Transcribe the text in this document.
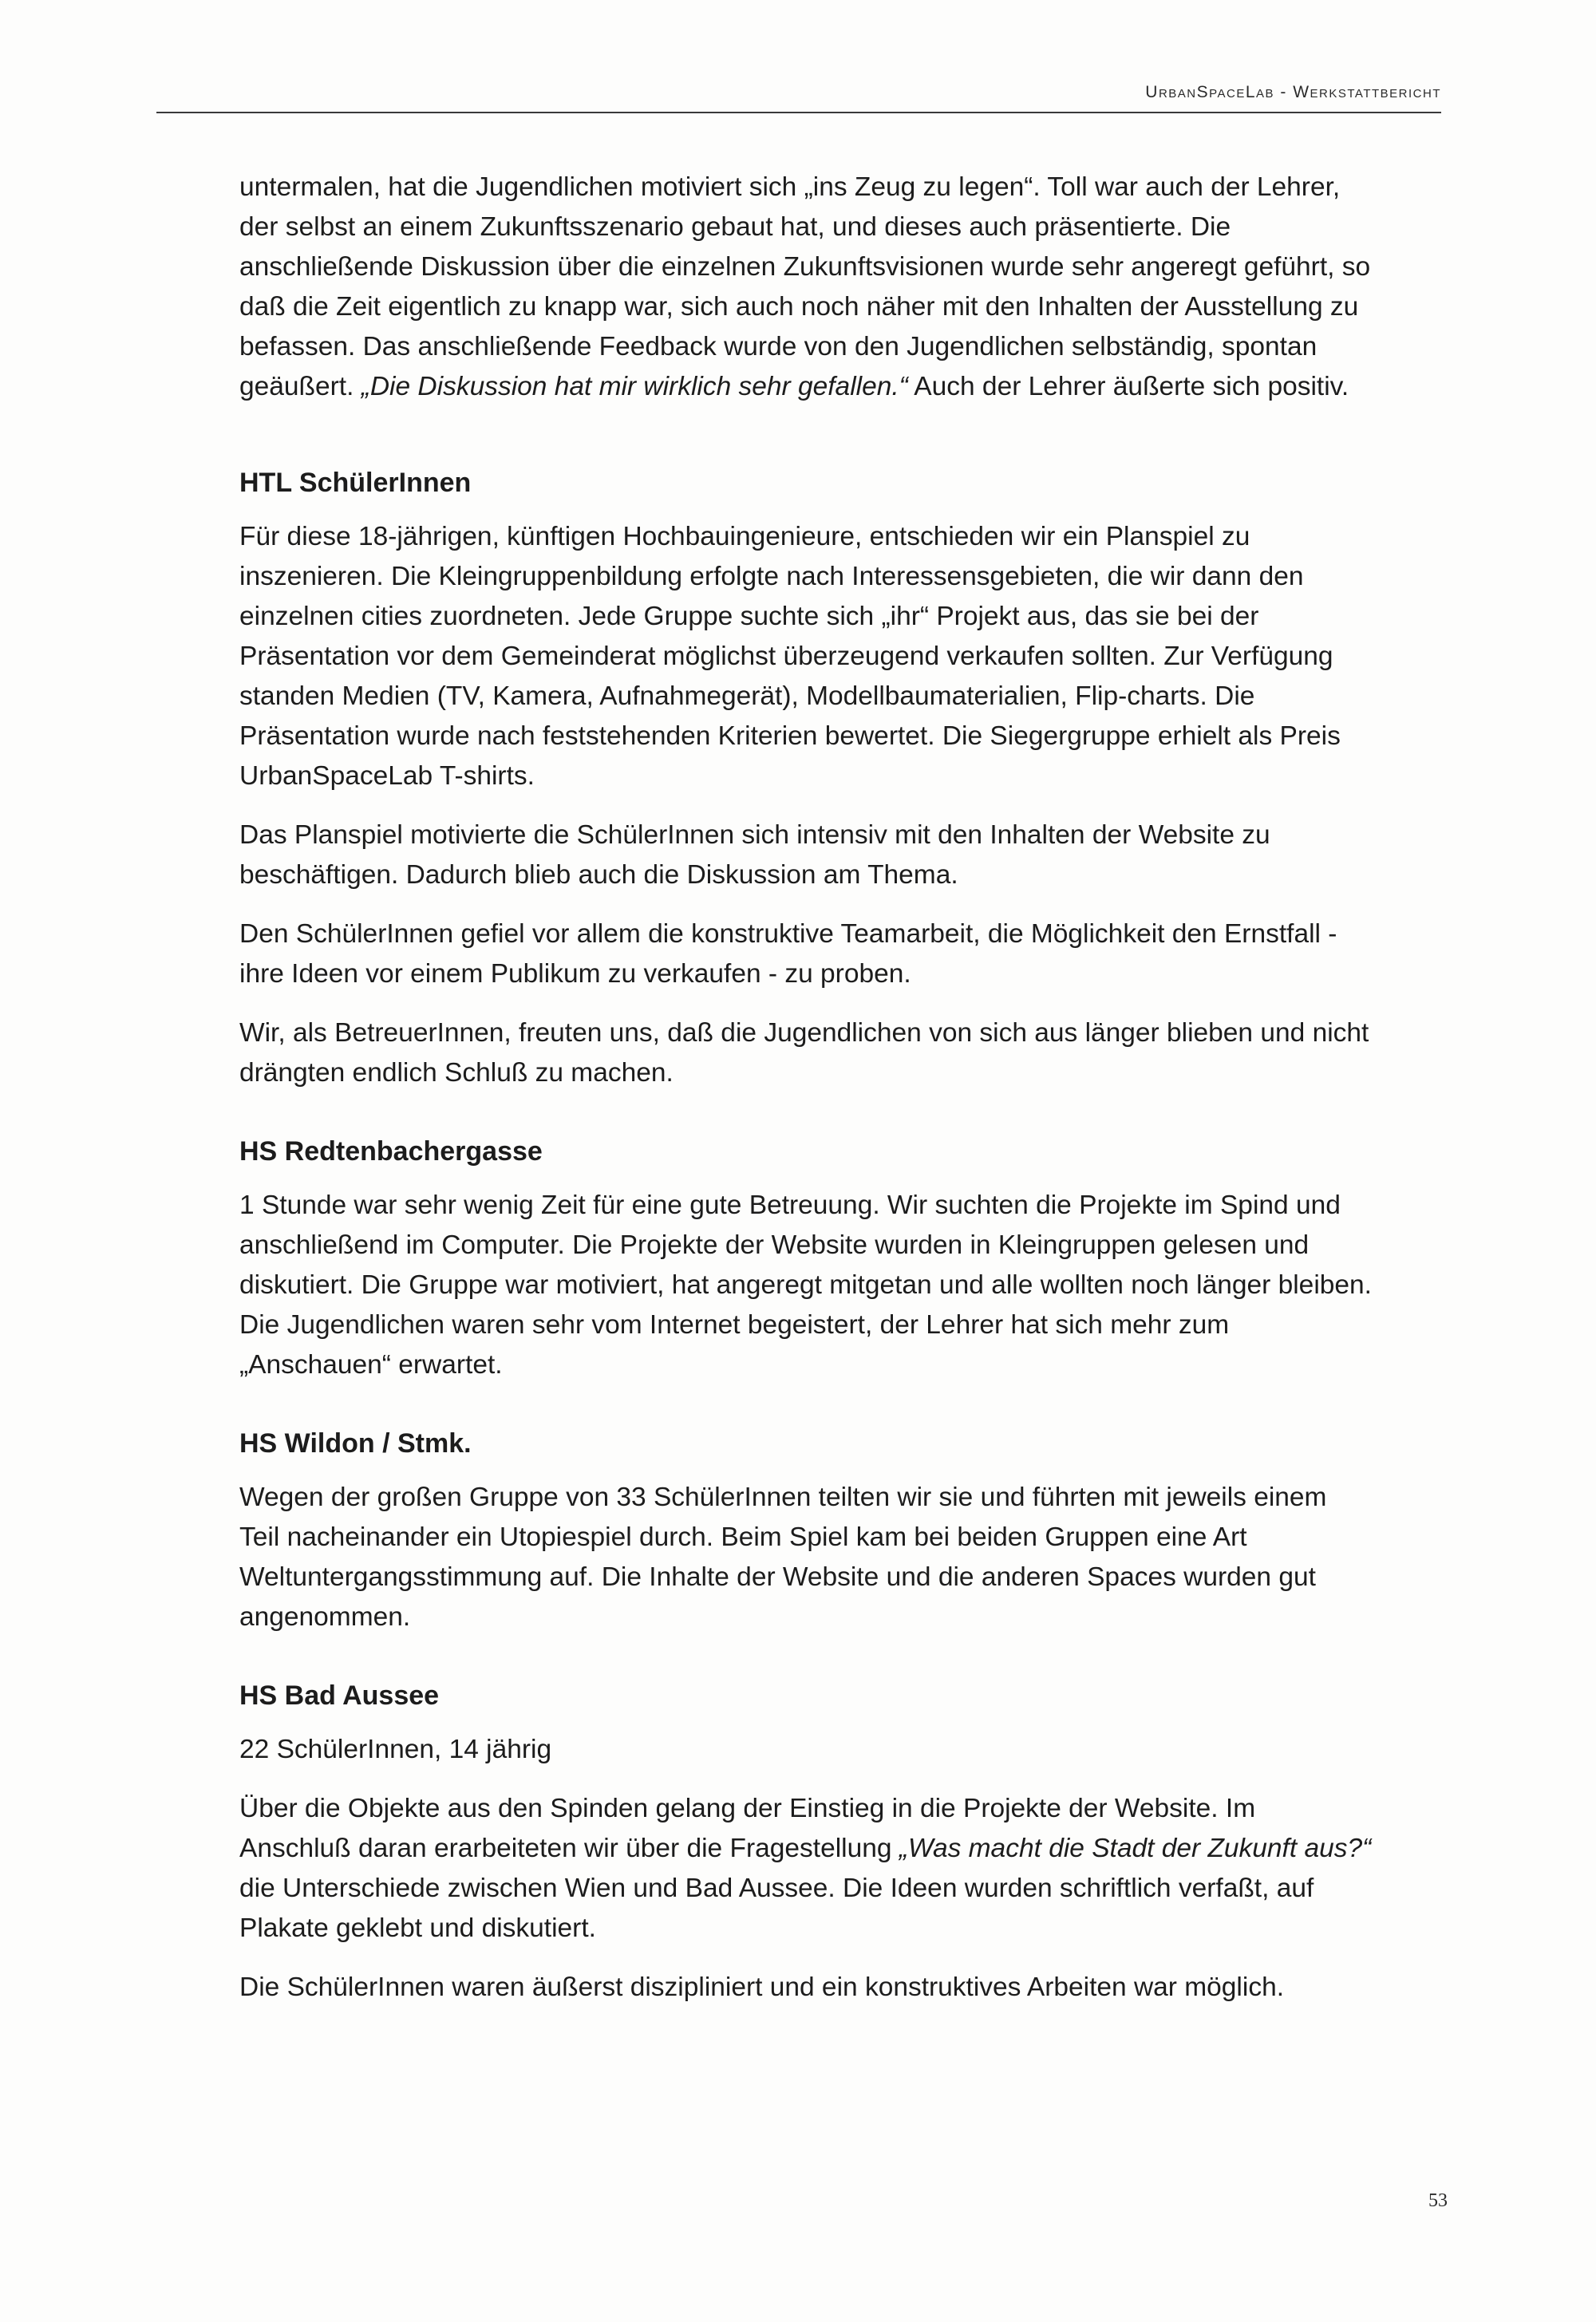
UrbanSpaceLab - Werkstattbericht

untermalen, hat die Jugendlichen motiviert sich „ins Zeug zu legen“. Toll war auch der Lehrer, der selbst an einem Zukunftsszenario gebaut hat, und dieses auch präsentierte. Die anschließende Diskussion über die einzelnen Zukunftsvisionen wurde sehr angeregt geführt, so daß die Zeit eigentlich zu knapp war, sich auch noch näher mit den Inhalten der Ausstellung zu befassen. Das anschließende Feedback wurde von den Jugendlichen selbständig, spontan geäußert. „Die Diskussion hat mir wirklich sehr gefallen.“ Auch der Lehrer äußerte sich positiv.

HTL SchülerInnen

Für diese 18-jährigen, künftigen Hochbauingenieure, entschieden wir ein Planspiel zu inszenieren. Die Kleingruppenbildung erfolgte nach Interessensgebieten, die wir dann den einzelnen cities zuordneten. Jede Gruppe suchte sich „ihr“ Projekt aus, das sie bei der Präsentation vor dem Gemeinderat möglichst überzeugend verkaufen sollten. Zur Verfügung standen Medien (TV, Kamera, Aufnahmegerät), Modellbaumaterialien, Flip-charts. Die Präsentation wurde nach feststehenden Kriterien bewertet. Die Siegergruppe erhielt als Preis UrbanSpaceLab T-shirts.

Das Planspiel motivierte die SchülerInnen sich intensiv mit den Inhalten der Website zu beschäftigen. Dadurch blieb auch die Diskussion am Thema.

Den SchülerInnen gefiel vor allem die konstruktive Teamarbeit, die Möglichkeit den Ernstfall - ihre Ideen vor einem Publikum zu verkaufen - zu proben.

Wir, als BetreuerInnen, freuten uns, daß die Jugendlichen von sich aus länger blieben und nicht drängten endlich Schluß zu machen.

HS Redtenbachergasse

1 Stunde war sehr wenig Zeit für eine gute Betreuung. Wir suchten die Projekte im Spind und anschließend im Computer. Die Projekte der Website wurden in Kleingruppen gelesen und diskutiert. Die Gruppe war motiviert, hat angeregt mitgetan und alle wollten noch länger bleiben. Die Jugendlichen waren sehr vom Internet begeistert, der Lehrer hat sich mehr zum „Anschauen“ erwartet.

HS Wildon / Stmk.

Wegen der großen Gruppe von 33 SchülerInnen teilten wir sie und führten mit jeweils einem Teil nacheinander ein Utopiespiel durch. Beim Spiel kam bei beiden Gruppen eine Art Weltuntergangsstimmung auf. Die Inhalte der Website und die anderen Spaces wurden gut angenommen.

HS Bad Aussee

22 SchülerInnen, 14 jährig

Über die Objekte aus den Spinden gelang der Einstieg in die Projekte der Website. Im Anschluß daran erarbeiteten wir über die Fragestellung „Was macht die Stadt der Zukunft aus?“ die Unterschiede zwischen Wien und Bad Aussee. Die Ideen wurden schriftlich verfaßt, auf Plakate geklebt und diskutiert.

Die SchülerInnen waren äußerst diszipliniert und ein konstruktives Arbeiten war möglich.

53
